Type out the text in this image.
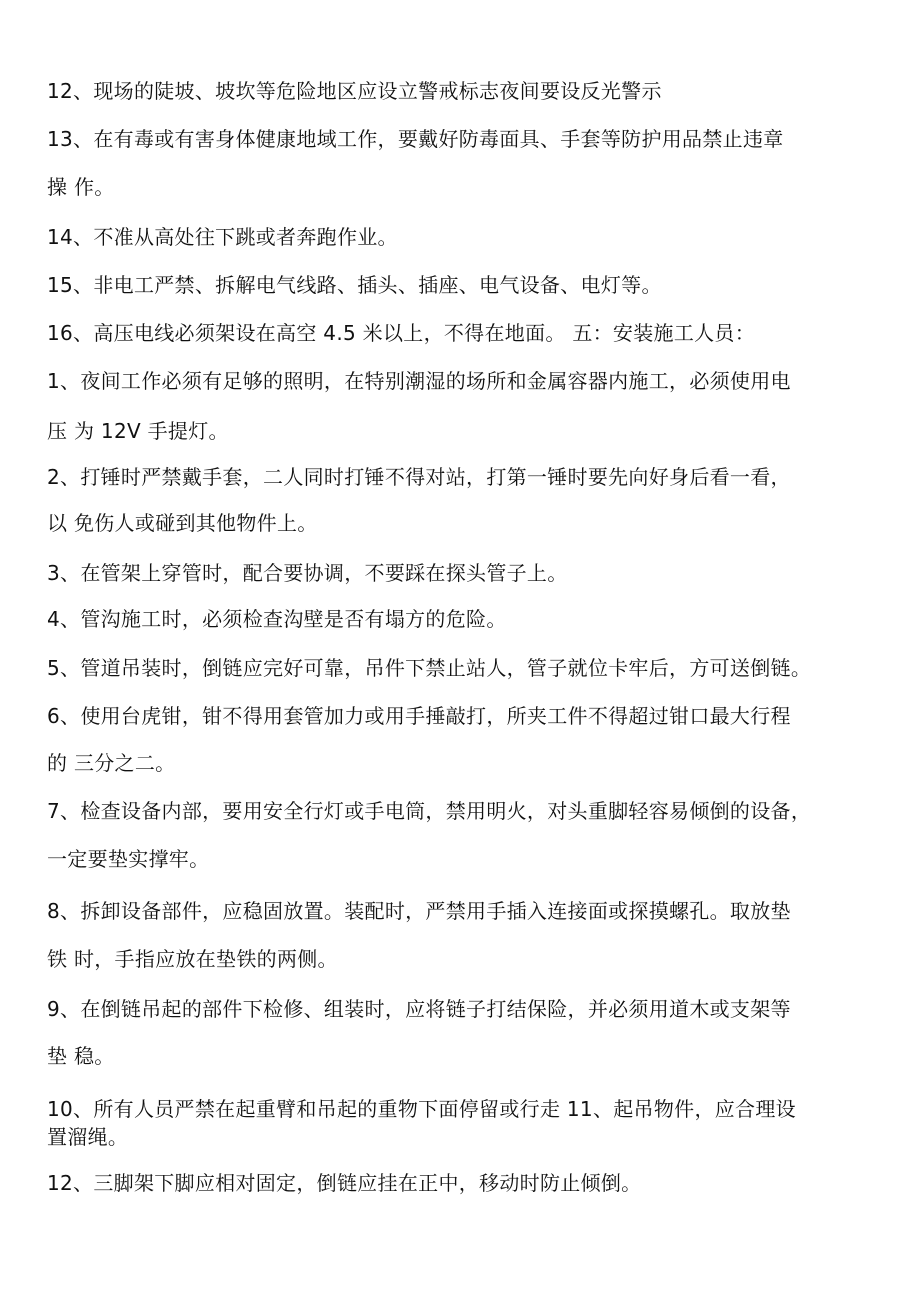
12、现场的陡坡、坡坎等危险地区应设立警戒标志夜间要设反光警示
13、在有毒或有害身体健康地域工作，要戴好防毒面具、手套等防护用品禁止违章
操 作。
14、不准从高处往下跳或者奔跑作业。
15、非电工严禁、拆解电气线路、插头、插座、电气设备、电灯等。
16、高压电线必须架设在高空 4.5 米以上，不得在地面。 五：安装施工人员：
1、夜间工作必须有足够的照明，在特别潮湿的场所和金属容器内施工，必须使用电
压 为 12V 手提灯。
2、打锤时严禁戴手套，二人同时打锤不得对站，打第一锤时要先向好身后看一看，
以 免伤人或碰到其他物件上。
3、在管架上穿管时，配合要协调，不要踩在探头管子上。
4、管沟施工时，必须检查沟壁是否有塌方的危险。
5、管道吊装时，倒链应完好可靠，吊件下禁止站人，管子就位卡牢后，方可送倒链。
6、使用台虎钳，钳不得用套管加力或用手捶敲打，所夹工件不得超过钳口最大行程
的 三分之二。
7、检查设备内部，要用安全行灯或手电筒，禁用明火，对头重脚轻容易倾倒的设备，
一定要垫实撑牢。
8、拆卸设备部件，应稳固放置。装配时，严禁用手插入连接面或探摸螺孔。取放垫
铁 时，手指应放在垫铁的两侧。
9、在倒链吊起的部件下检修、组装时，应将链子打结保险，并必须用道木或支架等
垫 稳。
10、所有人员严禁在起重臂和吊起的重物下面停留或行走 11、起吊物件，应合理设
置溜绳。
12、三脚架下脚应相对固定，倒链应挂在正中，移动时防止倾倒。
